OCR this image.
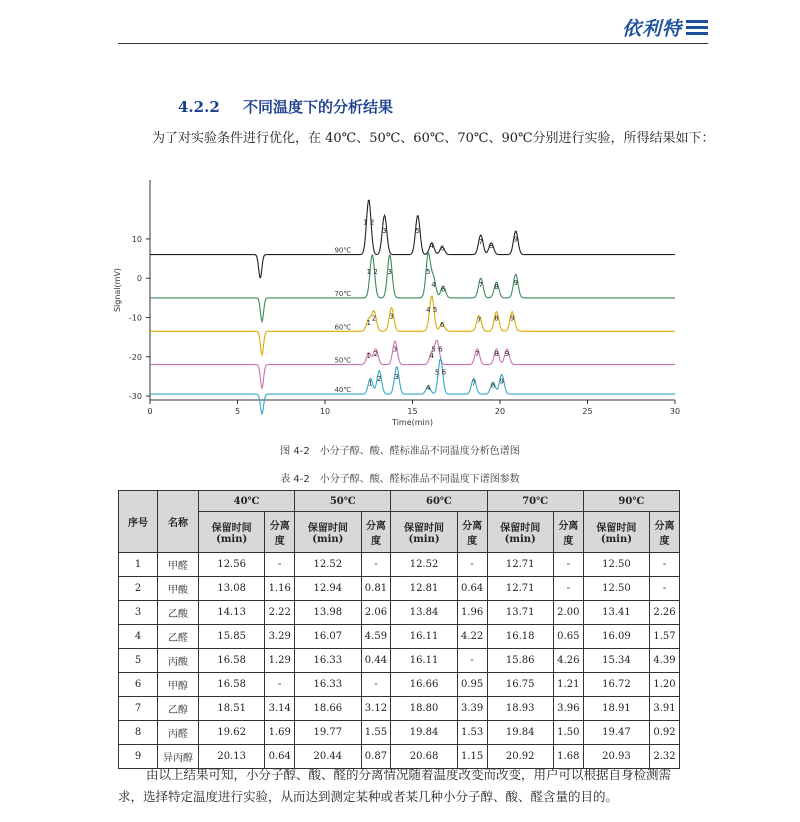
依利特
4.2.2 不同温度下的分析结果
为了对实验条件进行优化，在 40℃、50℃、60℃、70℃、90℃分别进行实验，所得结果如下：
0	5	10	15	20	25	30
10
0
-10
-20
-30
Time(min)
Signal(mV)
90℃
1 2
3	5
4 6
7
8
9
70℃
1 2 3	5
4
6
7 8
9
60℃
1
2 3
4 5
6
7 8 9
50℃
1 2
3
4
5 6
7 8 9
40℃
1
2 3
4
5 6
7 8
9
图 4-2　小分子醇、酸、醛标准品不同温度分析色谱图
表 4-2　小分子醇、酸、醛标准品不同温度下谱图参数
序号	名称	40℃		50℃		60℃		70℃		90℃	
		保留时间(min)	分离度	保留时间(min)	分离度	保留时间(min)	分离度	保留时间(min)	分离度	保留时间(min)	分离度
1	甲醛	12.56	-	12.52	-	12.52	-	12.71	-	12.50	-
2	甲酸	13.08	1.16	12.94	0.81	12.81	0.64	12.71	-	12.50	-
3	乙酸	14.13	2.22	13.98	2.06	13.84	1.96	13.71	2.00	13.41	2.26
4	乙醛	15.85	3.29	16.07	4.59	16.11	4.22	16.18	0.65	16.09	1.57
5	丙酸	16.58	1.29	16.33	0.44	16.11	-	15.86	4.26	15.34	4.39
6	甲醇	16.58	-	16.33	-	16.66	0.95	16.75	1.21	16.72	1.20
7	乙醇	18.51	3.14	18.66	3.12	18.80	3.39	18.93	3.96	18.91	3.91
8	丙醛	19.62	1.69	19.77	1.55	19.84	1.53	19.84	1.50	19.47	0.92
9	异丙醇	20.13	0.64	20.44	0.87	20.68	1.15	20.92	1.68	20.93	2.32
由以上结果可知，小分子醇、酸、醛的分离情况随着温度改变而改变，用户可以根据自身检测需求，选择特定温度进行实验，从而达到测定某种或者某几种小分子醇、酸、醛含量的目的。
